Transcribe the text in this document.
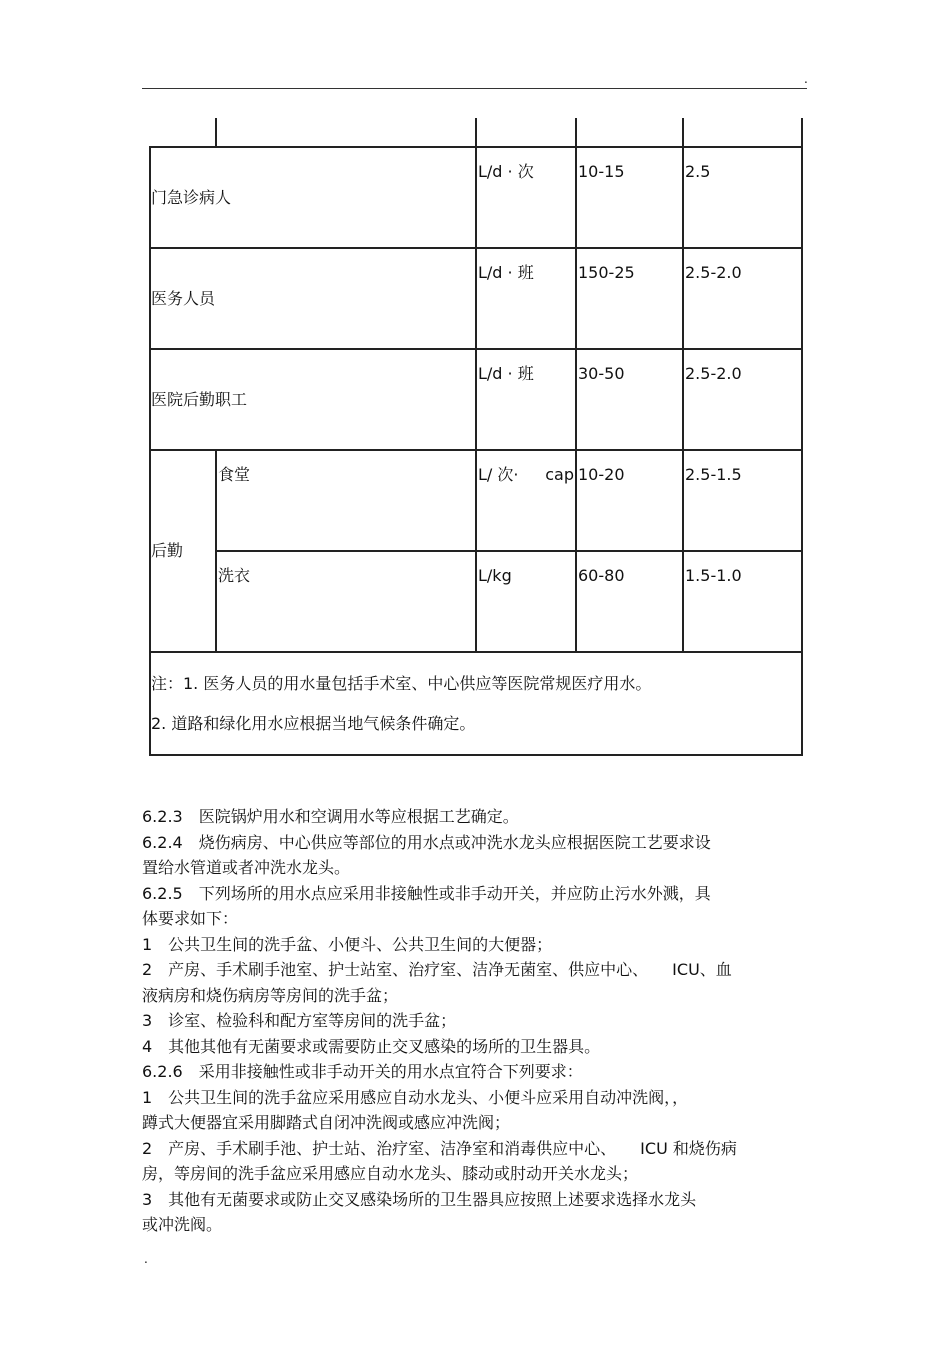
.

门急诊病人		L/d · 次	10-15	2.5

医务人员		L/d · 班	150-25	2.5-2.0

医院后勤职工		L/d · 班	30-50	2.5-2.0

后勤	食堂	L/ 次· cap	10-20	2.5-1.5

	洗衣	L/kg	60-80	1.5-1.0

注：1. 医务人员的用水量包括手术室、中心供应等医院常规医疗用水。
2. 道路和绿化用水应根据当地气候条件确定。				

6.2.3　医院锅炉用水和空调用水等应根据工艺确定。

6.2.4　烧伤病房、中心供应等部位的用水点或冲洗水龙头应根据医院工艺要求设

置给水管道或者冲洗水龙头。

6.2.5　下列场所的用水点应采用非接触性或非手动开关，并应防止污水外溅，具

体要求如下：

1　公共卫生间的洗手盆、小便斗、公共卫生间的大便器；

2　产房、手术刷手池室、护士站室、治疗室、洁净无菌室、供应中心、　　ICU、血

液病房和烧伤病房等房间的洗手盆；

3　诊室、检验科和配方室等房间的洗手盆；

4　其他其他有无菌要求或需要防止交叉感染的场所的卫生器具。

6.2.6　采用非接触性或非手动开关的用水点宜符合下列要求：

1　公共卫生间的洗手盆应采用感应自动水龙头、小便斗应采用自动冲洗阀，，

蹲式大便器宜采用脚踏式自闭冲洗阀或感应冲洗阀；

2　产房、手术刷手池、护士站、治疗室、洁净室和消毒供应中心、　　ICU 和烧伤病

房，等房间的洗手盆应采用感应自动水龙头、膝动或肘动开关水龙头；

3　其他有无菌要求或防止交叉感染场所的卫生器具应按照上述要求选择水龙头

或冲洗阀。

.
